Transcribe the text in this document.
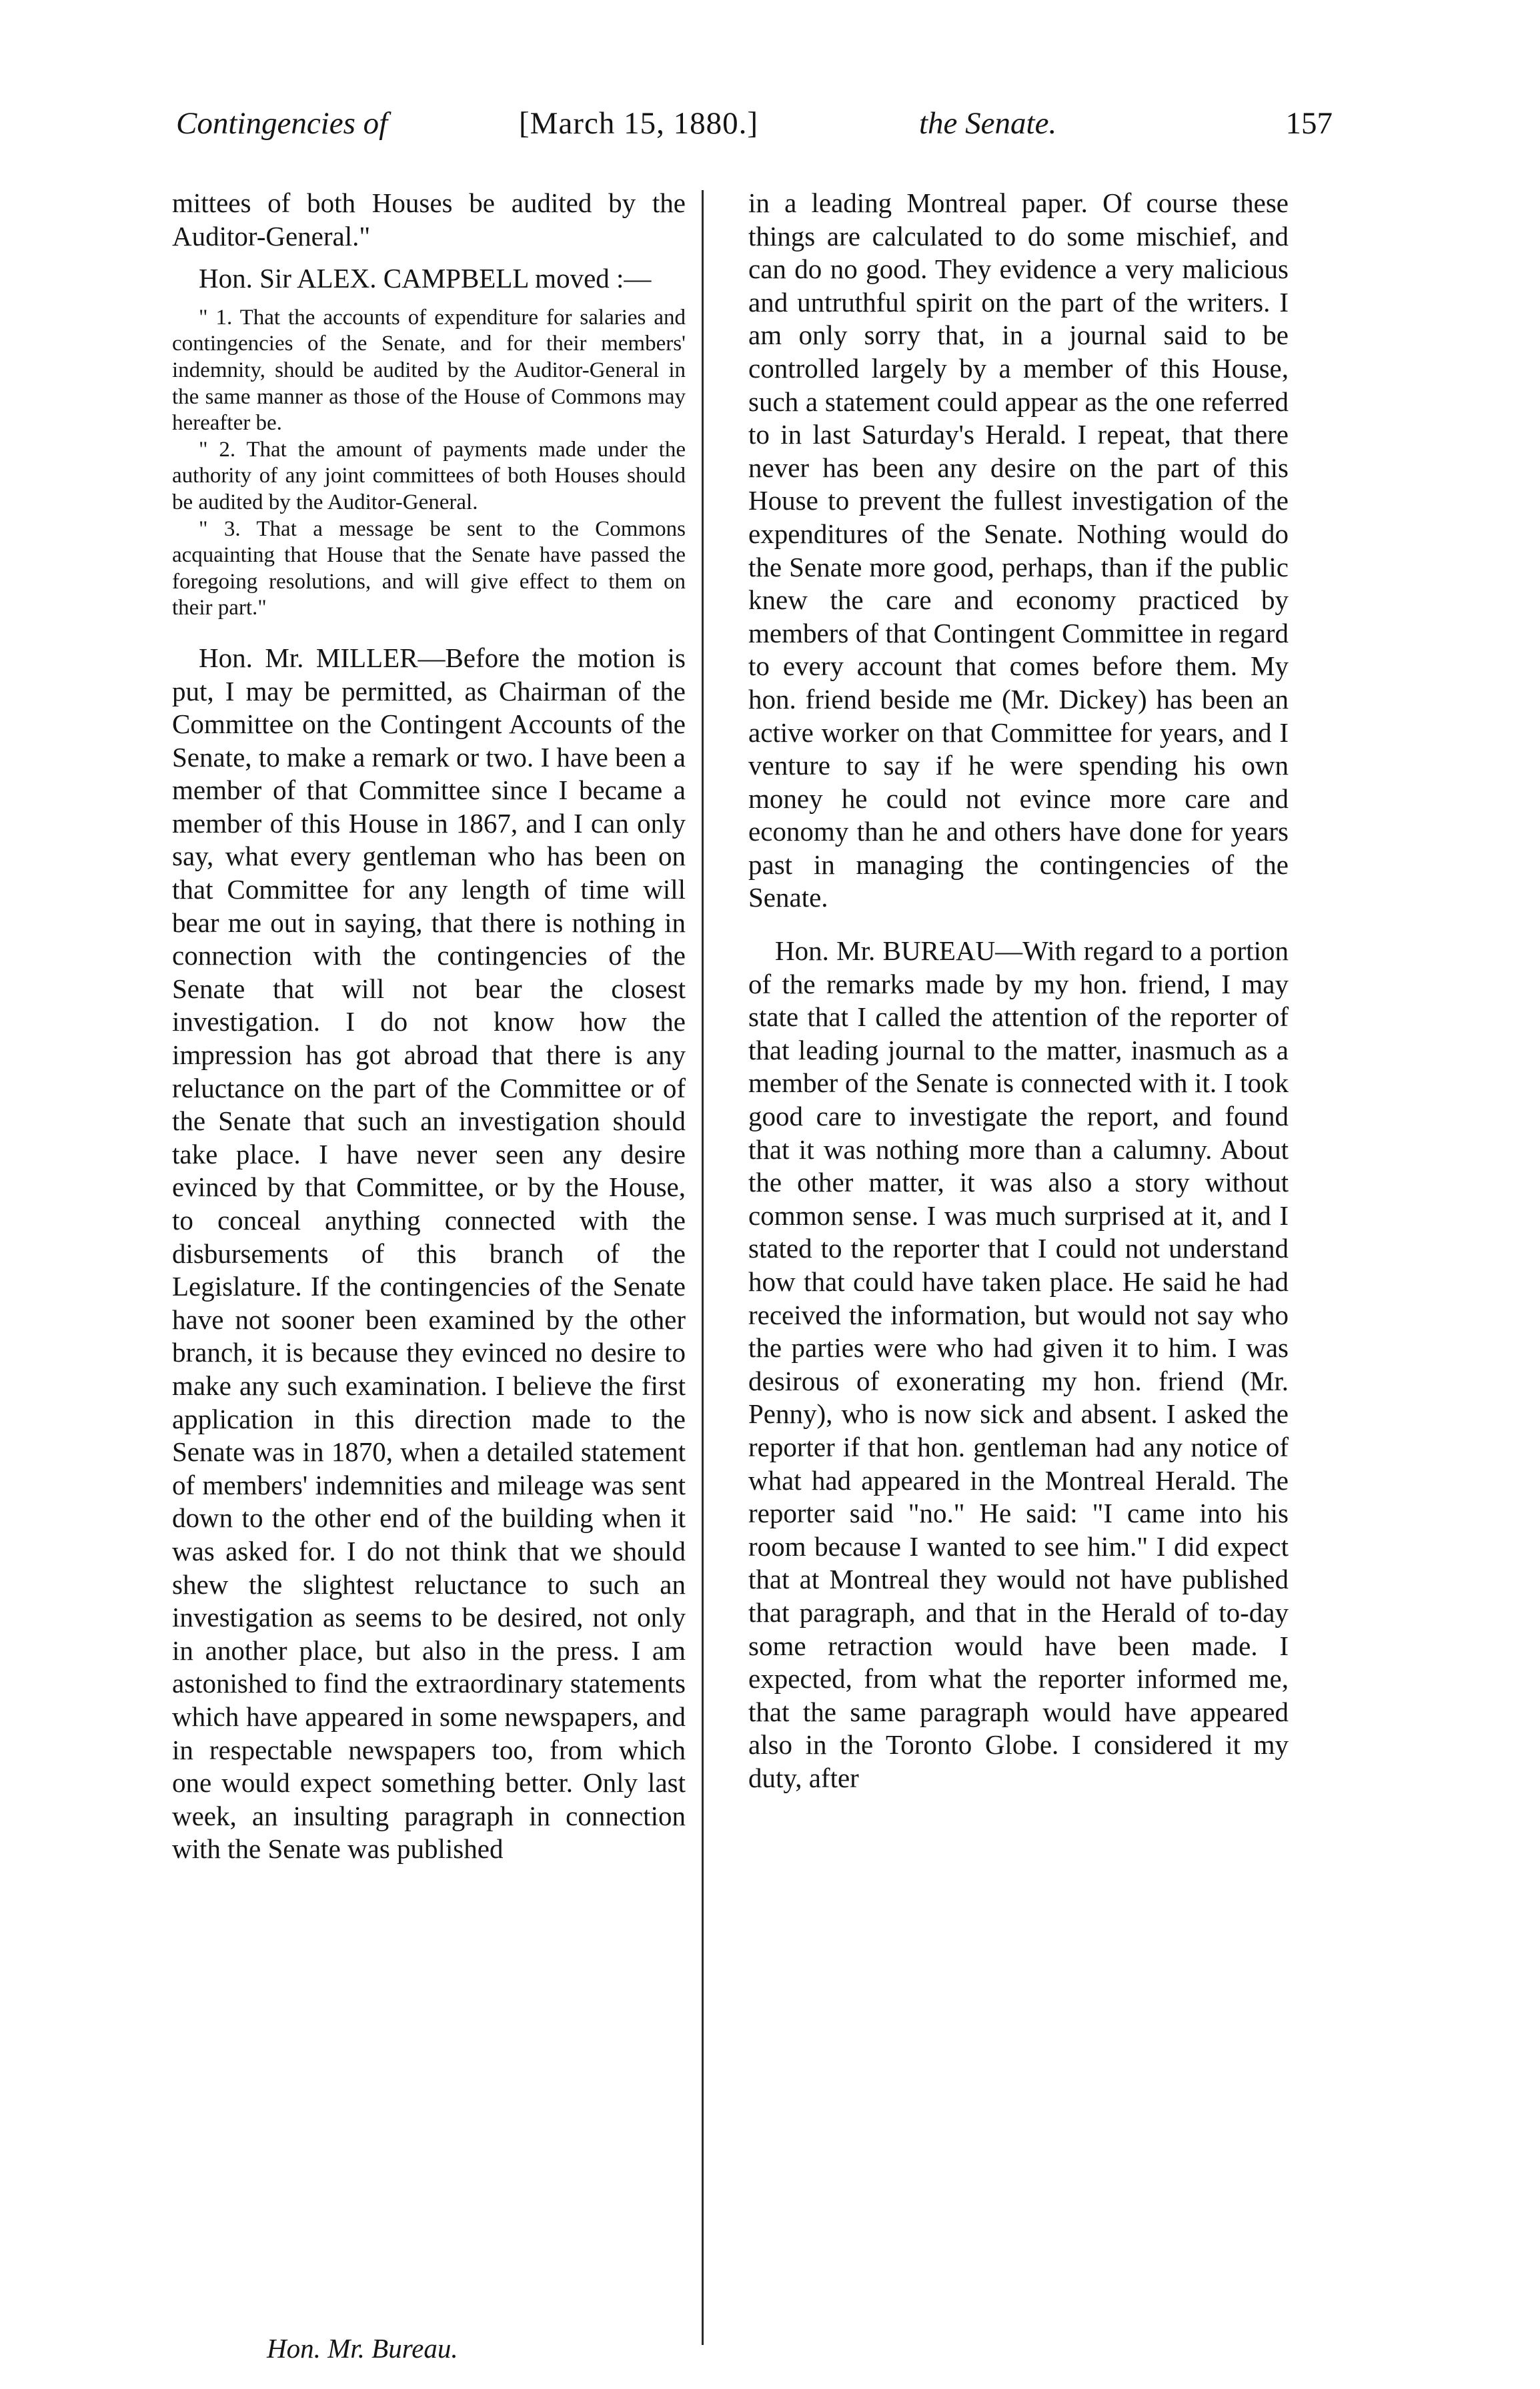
Contingencies of	[March 15, 1880.]	the Senate.	157

mittees of both Houses be audited by the Auditor-General."

Hon. Sir ALEX. CAMPBELL moved :—

" 1. That the accounts of expenditure for salaries and contingencies of the Senate, and for their members' indemnity, should be audited by the Auditor-General in the same manner as those of the House of Commons may hereafter be.

" 2. That the amount of payments made under the authority of any joint committees of both Houses should be audited by the Auditor-General.

" 3. That a message be sent to the Commons acquainting that House that the Senate have passed the foregoing resolutions, and will give effect to them on their part."

Hon. Mr. MILLER—Before the motion is put, I may be permitted, as Chairman of the Committee on the Contingent Accounts of the Senate, to make a remark or two. I have been a member of that Committee since I became a member of this House in 1867, and I can only say, what every gentleman who has been on that Committee for any length of time will bear me out in saying, that there is nothing in connection with the contingencies of the Senate that will not bear the closest investigation. I do not know how the impression has got abroad that there is any reluctance on the part of the Committee or of the Senate that such an investigation should take place. I have never seen any desire evinced by that Committee, or by the House, to conceal anything connected with the disbursements of this branch of the Legislature. If the contingencies of the Senate have not sooner been examined by the other branch, it is because they evinced no desire to make any such examination. I believe the first application in this direction made to the Senate was in 1870, when a detailed statement of members' indemnities and mileage was sent down to the other end of the building when it was asked for. I do not think that we should shew the slightest reluctance to such an investigation as seems to be desired, not only in another place, but also in the press. I am astonished to find the extraordinary statements which have appeared in some newspapers, and in respectable newspapers too, from which one would expect something better. Only last week, an insulting paragraph in connection with the Senate was published

in a leading Montreal paper. Of course these things are calculated to do some mischief, and can do no good. They evidence a very malicious and untruthful spirit on the part of the writers. I am only sorry that, in a journal said to be controlled largely by a member of this House, such a statement could appear as the one referred to in last Saturday's Herald. I repeat, that there never has been any desire on the part of this House to prevent the fullest investigation of the expenditures of the Senate. Nothing would do the Senate more good, perhaps, than if the public knew the care and economy practiced by members of that Contingent Committee in regard to every account that comes before them. My hon. friend beside me (Mr. Dickey) has been an active worker on that Committee for years, and I venture to say if he were spending his own money he could not evince more care and economy than he and others have done for years past in managing the contingencies of the Senate.

Hon. Mr. BUREAU—With regard to a portion of the remarks made by my hon. friend, I may state that I called the attention of the reporter of that leading journal to the matter, inasmuch as a member of the Senate is connected with it. I took good care to investigate the report, and found that it was nothing more than a calumny. About the other matter, it was also a story without common sense. I was much surprised at it, and I stated to the reporter that I could not understand how that could have taken place. He said he had received the information, but would not say who the parties were who had given it to him. I was desirous of exonerating my hon. friend (Mr. Penny), who is now sick and absent. I asked the reporter if that hon. gentleman had any notice of what had appeared in the Montreal Herald. The reporter said "no." He said: "I came into his room because I wanted to see him." I did expect that at Montreal they would not have published that paragraph, and that in the Herald of to-day some retraction would have been made. I expected, from what the reporter informed me, that the same paragraph would have appeared also in the Toronto Globe. I considered it my duty, after

Hon. Mr. Bureau.
